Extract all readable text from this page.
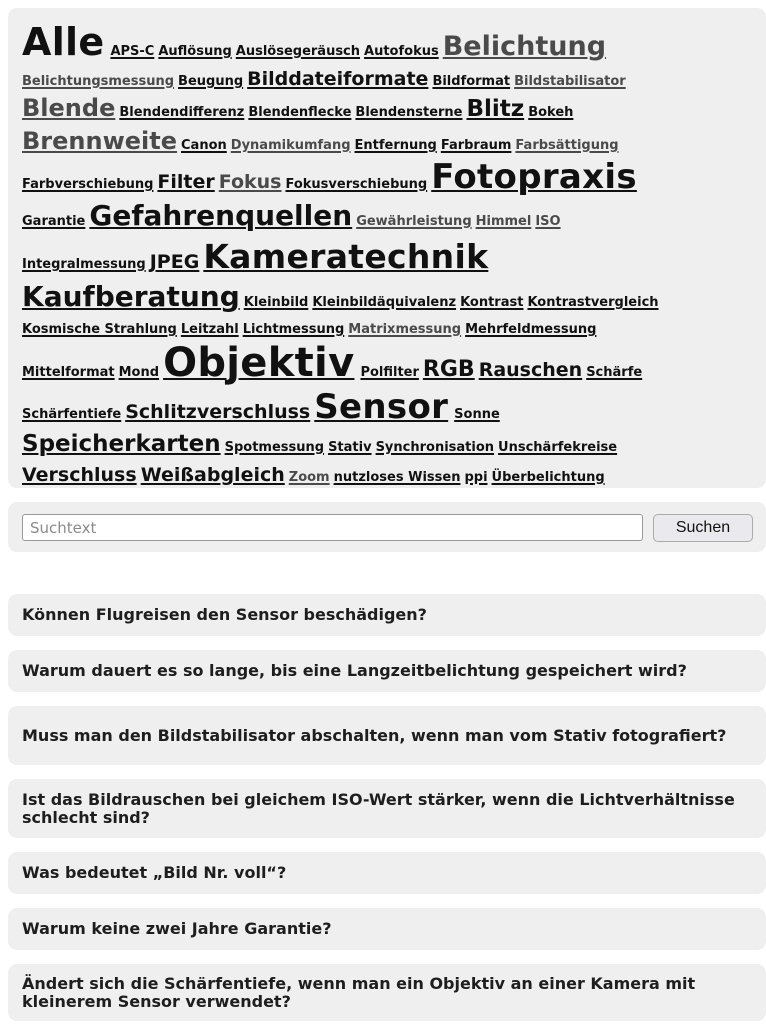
Alle APS-C Auflösung Auslösegeräusch Autofokus Belichtung
Belichtungsmessung Beugung Bilddateiformate Bildformat Bildstabilisator
Blende Blendendifferenz Blendenflecke Blendensterne Blitz Bokeh
Brennweite Canon Dynamikumfang Entfernung Farbraum Farbsättigung
Farbverschiebung Filter Fokus Fokusverschiebung Fotopraxis
Garantie Gefahrenquellen Gewährleistung Himmel ISO
Integralmessung JPEG Kameratechnik
Kaufberatung Kleinbild Kleinbildäquivalenz Kontrast Kontrastvergleich
Kosmische Strahlung Leitzahl Lichtmessung Matrixmessung Mehrfeldmessung
Mittelformat Mond Objektiv Polfilter RGB Rauschen Schärfe
Schärfentiefe Schlitzverschluss Sensor Sonne
Speicherkarten Spotmessung Stativ Synchronisation Unschärfekreise
Verschluss Weißabgleich Zoom nutzloses Wissen ppi Überbelichtung
Suchtext
Suchen
Können Flugreisen den Sensor beschädigen?
Warum dauert es so lange, bis eine Langzeitbelichtung gespeichert wird?
Muss man den Bildstabilisator abschalten, wenn man vom Stativ fotografiert?
Ist das Bildrauschen bei gleichem ISO-Wert stärker, wenn die Lichtverhältnisse schlecht sind?
Was bedeutet „Bild Nr. voll“?
Warum keine zwei Jahre Garantie?
Ändert sich die Schärfentiefe, wenn man ein Objektiv an einer Kamera mit kleinerem Sensor verwendet?
